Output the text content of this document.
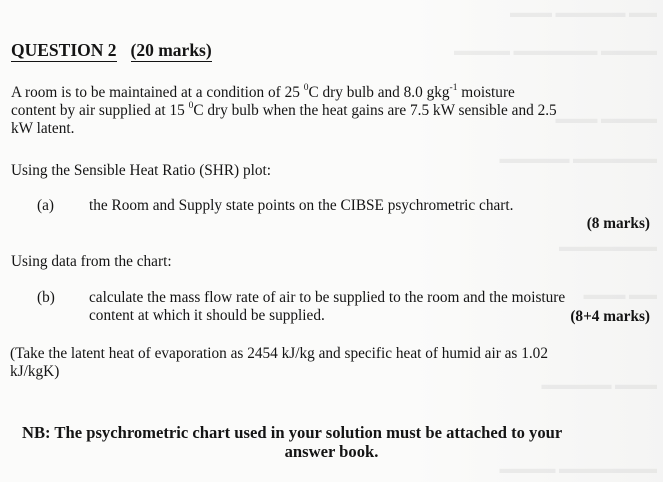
▬▬▬ ▬▬▬▬▬ ▬▬
▬▬▬▬ ▬▬▬▬▬▬ ▬▬▬▬
▬▬▬ ▬▬▬▬
▬▬▬▬▬ ▬▬▬▬▬▬
▬▬▬▬▬▬▬
▬▬▬ ▬▬
▬▬▬▬▬ ▬▬▬
▬▬▬▬ ▬▬▬▬▬▬▬
QUESTION 2 (20 marks)
A room is to be maintained at a condition of 25 $^0$C dry bulb and 8.0 gkg$^{-1}$ moisture
content by air supplied at 15 $^0$C dry bulb when the heat gains are 7.5 kW sensible and 2.5
kW latent.
Using the Sensible Heat Ratio (SHR) plot:
(a) the Room and Supply state points on the CIBSE psychrometric chart.
(8 marks)
Using data from the chart:
(b) calculate the mass flow rate of air to be supplied to the room and the moisture
content at which it should be supplied.	(8+4 marks)
(Take the latent heat of evaporation as 2454 kJ/kg and specific heat of humid air as 1.02
kJ/kgK)
NB: The psychrometric chart used in your solution must be attached to your
answer book.
